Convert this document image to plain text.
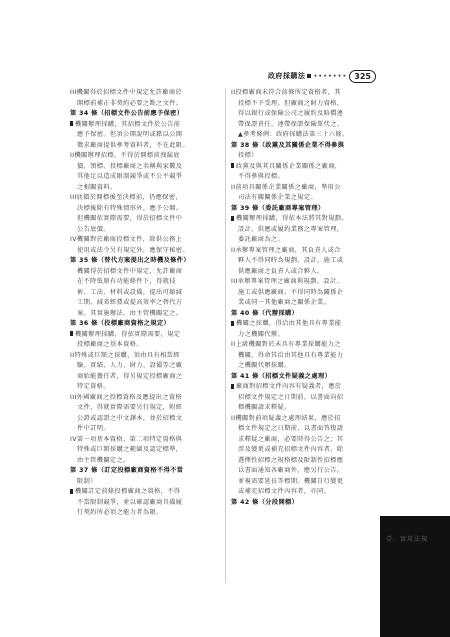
政府採購法 ••••••• 325
III機關得於招標文件中規定允許廠商於
開標前補正非契約必要之點之文件。
第 34 條（招標文件公告前應予保密）
機關辦理採購，其招標文件於公告前
應予保密。但須公開說明或藉以公開
徵求廠商提供參考資料者，不在此限。
II機關辦理招標，不得於開標前洩漏底
價，領標、投標廠商之名稱與家數及
其他足以造成限制競爭或不公平競爭
之相關資料。
III底價於開標後至決標前，仍應保密，
決標後除有特殊情形外，應予公開。
但機關依實際需要，得於招標文件中
公告底價。
IV機關對於廠商投標文件，除供公務上
使用或法令另有規定外，應保守秘密。
第 35 條（替代方案提出之時機及條件）
機關得於招標文件中規定，允許廠商
在不降低原有功能條件下，得就技
術、工法、材料或設備，提出可縮減
工期、減省經費或提高效率之替代方
案。其實施辦法，由主管機關定之。
第 36 條（投標廠商資格之規定）
機關辦理採購，得依實際需要，規定
投標廠商之基本資格。
II特殊或巨額之採購，須由具有相當經
驗、實績、人力、財力、設備等之廠
商始能擔任者，得另規定投標廠商之
特定資格。
III外國廠商之投標資格及應提出之資格
文件，得就實際需要另行規定，附經
公證或認證之中文譯本，並於招標文
件中訂明。
IV第一項基本資格、第二項特定資格與
特殊或巨額採購之範圍及認定標準，
由主管機關定之。
第 37 條（訂定投標廠商資格不得不當
限制）
機關訂定前條投標廠商之資格，不得
不當限制競爭，並以確認廠商具備履
行契約所必須之能力者為限。
II投標廠商未符合前條所定資格者，其
投標不予受理。但廠商之財力資格，
得以銀行或保險公司之履約及賠償連
帶保證責任、連帶保證保險單代之。
▲參考條例：政府採購法第三十六條。
第 38 條（政黨及其關係企業不得參與
投標）
政黨及與其具關係企業關係之廠商，
不得參與投標。
II前項具關係企業關係之廠商，準用公
司法有關關係企業之規定。
第 39 條（委託廠商專案管理）
機關辦理採購，得依本法將其對規劃、
設計、供應或履約業務之專案管理，
委託廠商為之。
II承辦專案管理之廠商，其負責人或合
夥人不得同時為規劃、設計、施工或
供應廠商之負責人或合夥人。
III承辦專案管理之廠商與規劃、設計、
施工或供應廠商，不得同時為關係企
業或同一其他廠商之關係企業。
第 40 條（代辦採購）
機關之採購，得洽由其他具有專業能
力之機關代辦。
II上級機關對於未具有專業採購能力之
機關，得命其洽由其他具有專業能力
之機關代辦採購。
第 41 條（招標文件疑義之處理）
廠商對招標文件內容有疑義者，應於
招標文件規定之日期前，以書面向招
標機關請求釋疑。
II機關對前項疑義之處理結果，應於招
標文件規定之日期前，以書面答復請
求釋疑之廠商，必要時得公告之；其
涉及變更或補充招標文件內容者，除
選擇性招標之規格標及限制性招標應
以書面通知各廠商外，應另行公告，
並視需要延長等標期。機關自行變更
或補充招標文件內容者，亦同。
第 42 條（分段開標）
壹．實用法規
